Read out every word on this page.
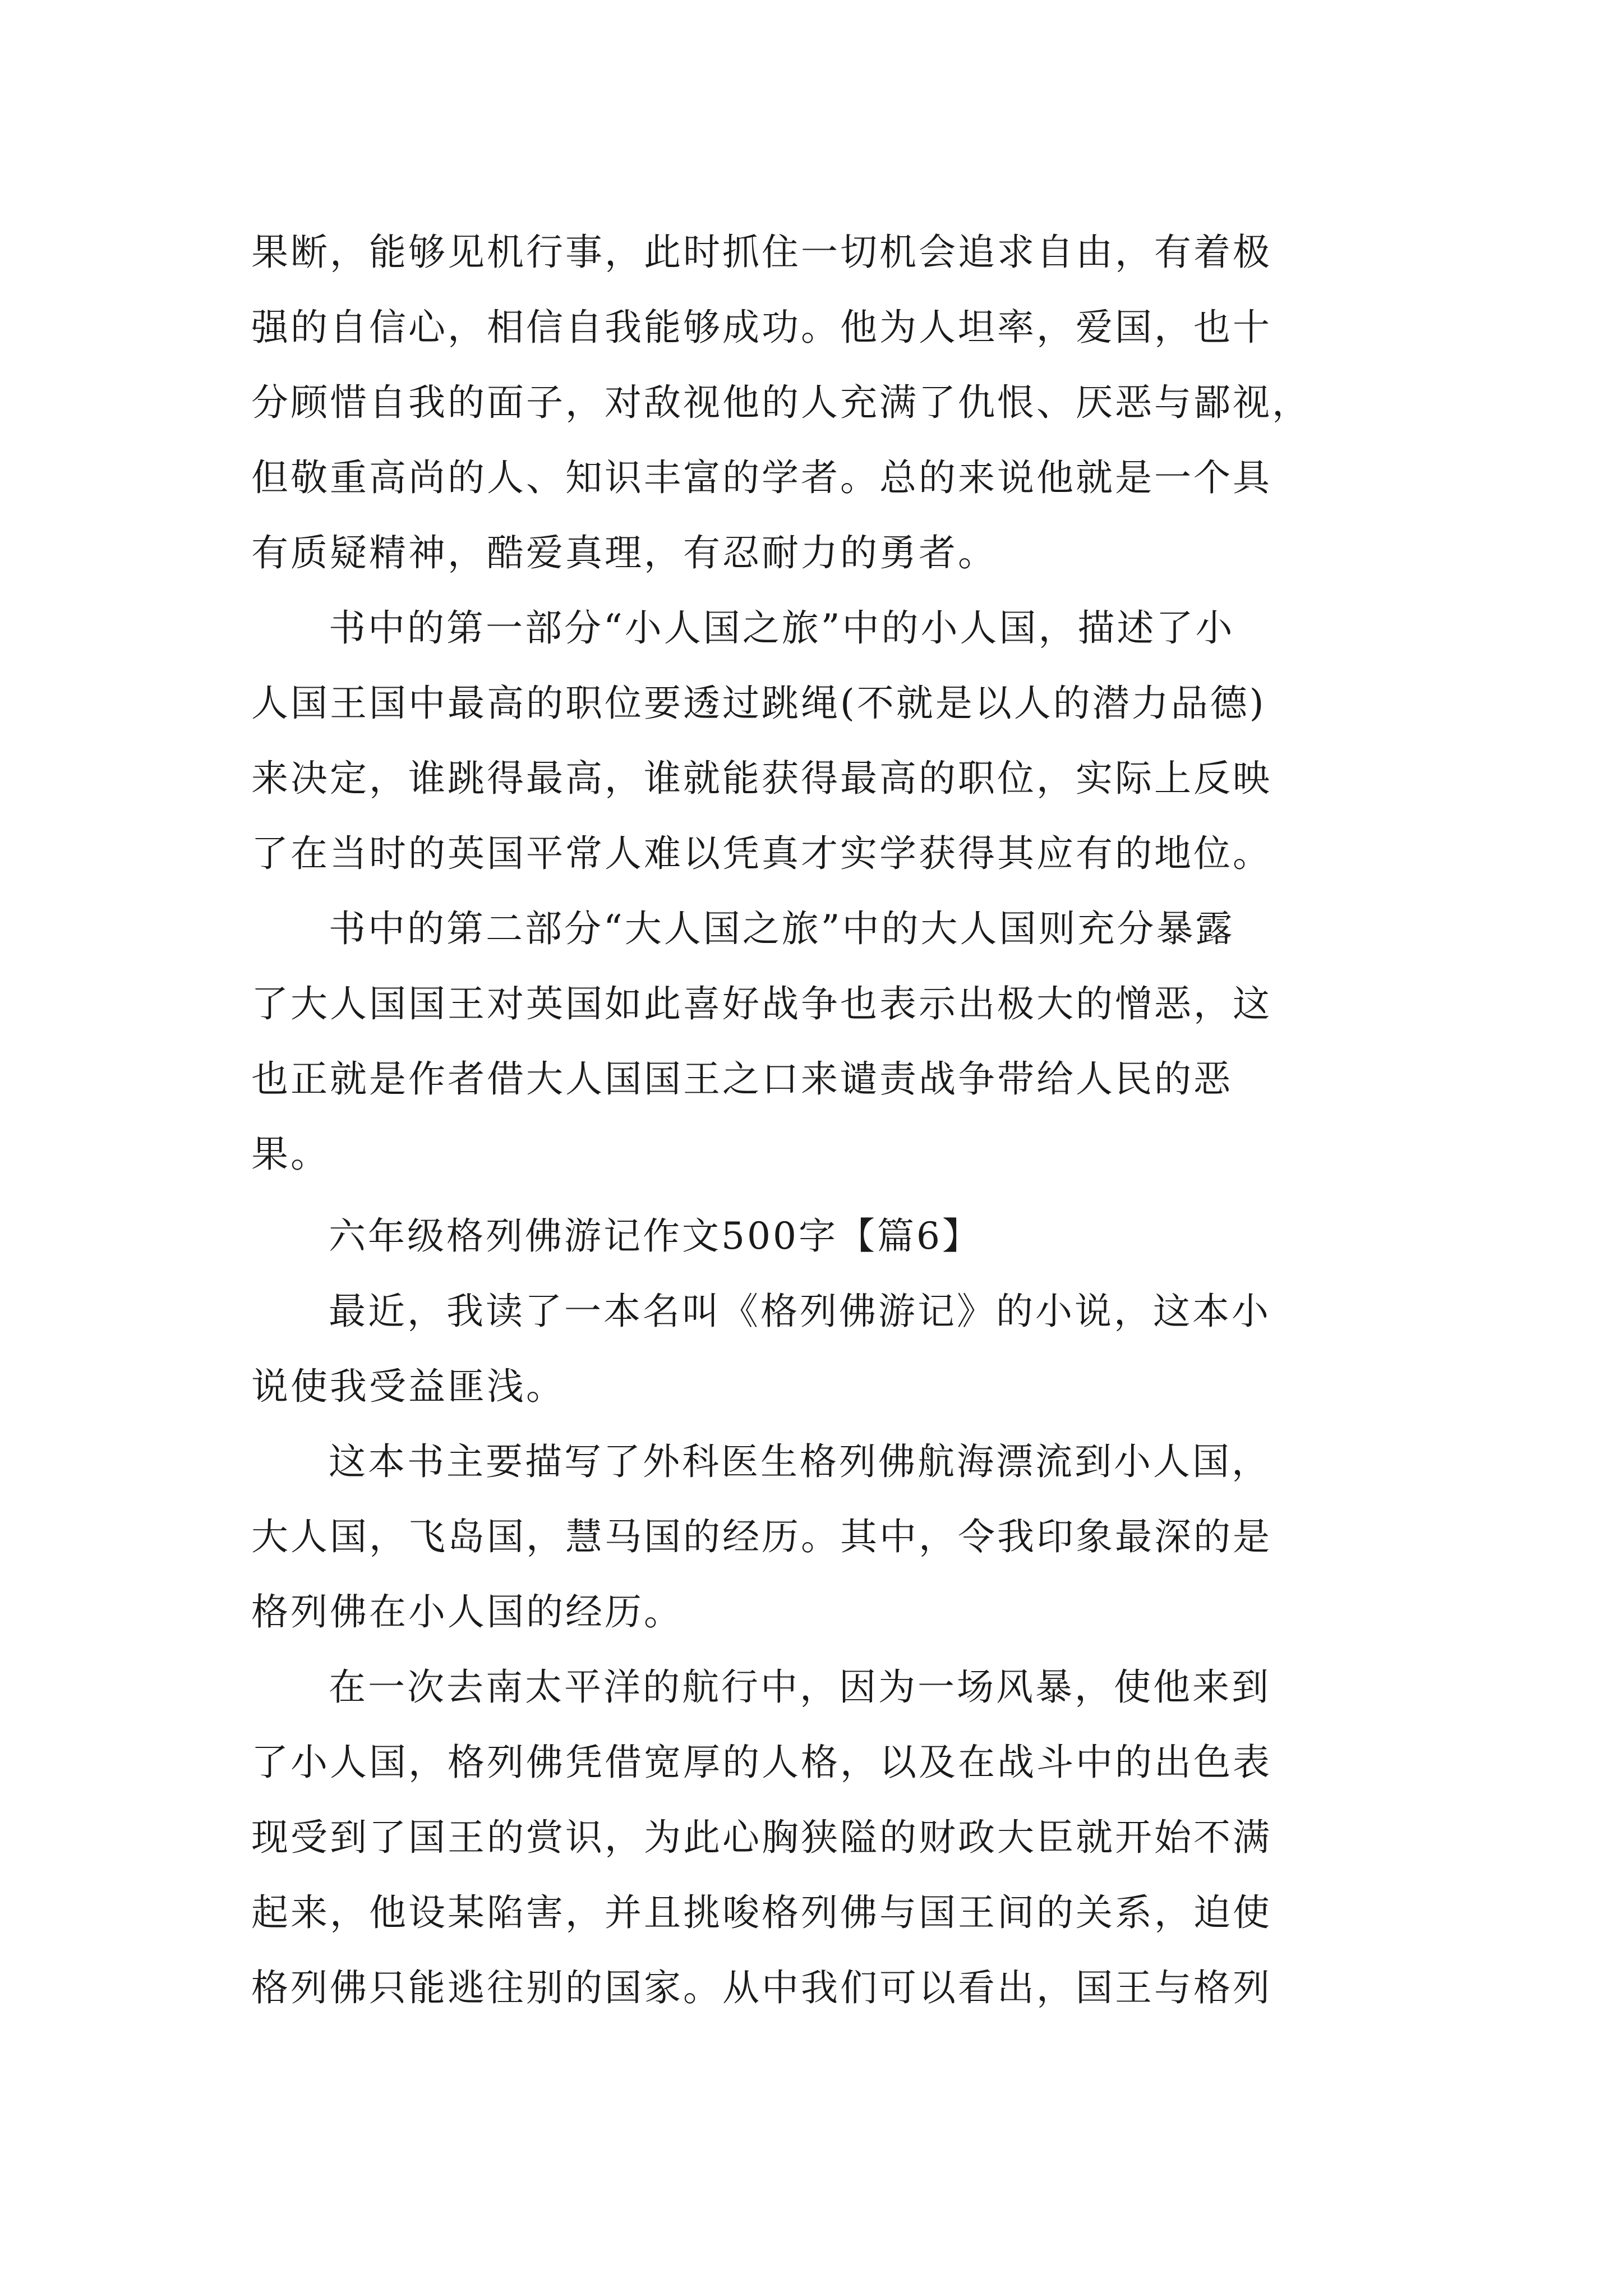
果断，能够见机行事，此时抓住一切机会追求自由，有着极
强的自信心，相信自我能够成功。他为人坦率，爱国，也十
分顾惜自我的面子，对敌视他的人充满了仇恨、厌恶与鄙视，
但敬重高尚的人、知识丰富的学者。总的来说他就是一个具
有质疑精神，酷爱真理，有忍耐力的勇者。
书中的第一部分“小人国之旅”中的小人国，描述了小
人国王国中最高的职位要透过跳绳(不就是以人的潜力品德)
来决定，谁跳得最高，谁就能获得最高的职位，实际上反映
了在当时的英国平常人难以凭真才实学获得其应有的地位。
书中的第二部分“大人国之旅”中的大人国则充分暴露
了大人国国王对英国如此喜好战争也表示出极大的憎恶，这
也正就是作者借大人国国王之口来谴责战争带给人民的恶
果。
六年级格列佛游记作文500字【篇6】
最近，我读了一本名叫《格列佛游记》的小说，这本小
说使我受益匪浅。
这本书主要描写了外科医生格列佛航海漂流到小人国，
大人国，飞岛国，慧马国的经历。其中，令我印象最深的是
格列佛在小人国的经历。
在一次去南太平洋的航行中，因为一场风暴，使他来到
了小人国，格列佛凭借宽厚的人格，以及在战斗中的出色表
现受到了国王的赏识，为此心胸狭隘的财政大臣就开始不满
起来，他设某陷害，并且挑唆格列佛与国王间的关系，迫使
格列佛只能逃往别的国家。从中我们可以看出，国王与格列
